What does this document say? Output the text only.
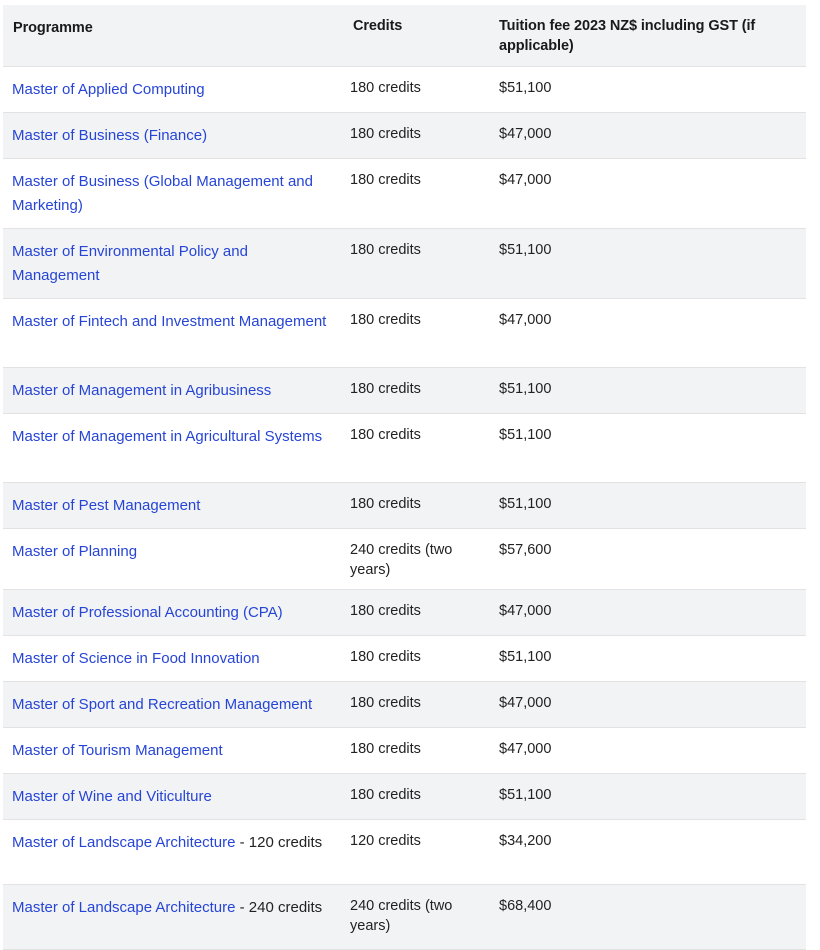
Programme	Credits	Tuition fee 2023 NZ$ including GST (if applicable)
Master of Applied Computing	180 credits	$51,100
Master of Business (Finance)	180 credits	$47,000
Master of Business (Global Management and Marketing)	180 credits	$47,000
Master of Environmental Policy and Management	180 credits	$51,100
Master of Fintech and Investment Management	180 credits	$47,000
Master of Management in Agribusiness	180 credits	$51,100
Master of Management in Agricultural Systems	180 credits	$51,100
Master of Pest Management	180 credits	$51,100
Master of Planning	240 credits (two years)	$57,600
Master of Professional Accounting (CPA)	180 credits	$47,000
Master of Science in Food Innovation	180 credits	$51,100
Master of Sport and Recreation Management	180 credits	$47,000
Master of Tourism Management	180 credits	$47,000
Master of Wine and Viticulture	180 credits	$51,100
Master of Landscape Architecture - 120 credits	120 credits	$34,200
Master of Landscape Architecture - 240 credits	240 credits (two years)	$68,400
